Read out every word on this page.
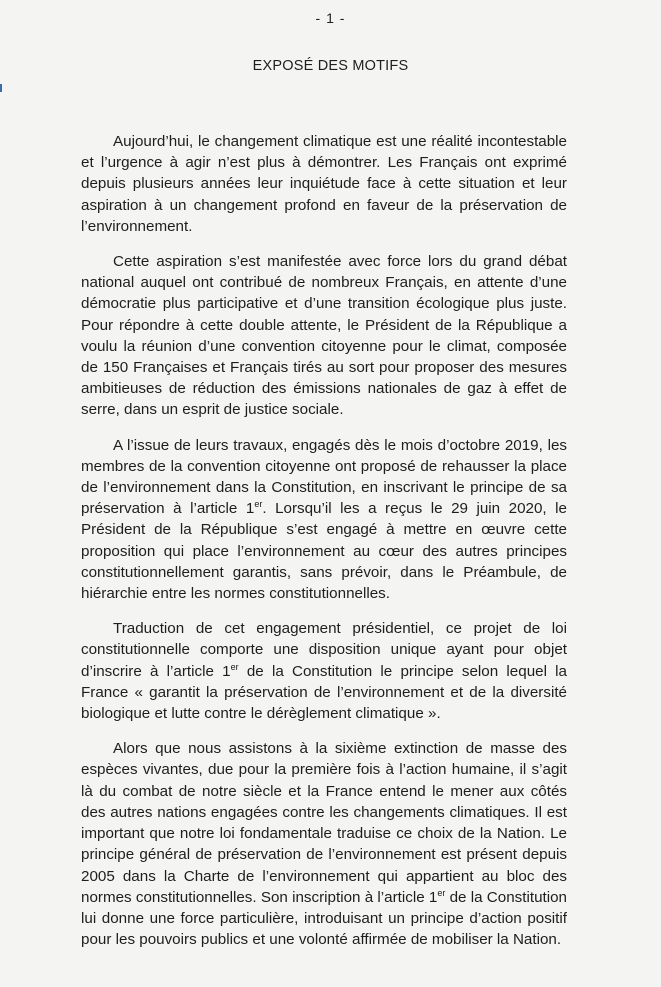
- 1 -
EXPOSÉ DES MOTIFS

Aujourd’hui, le changement climatique est une réalité incontestable et l’urgence à agir n’est plus à démontrer. Les Français ont exprimé depuis plusieurs années leur inquiétude face à cette situation et leur aspiration à un changement profond en faveur de la préservation de l’environnement.

Cette aspiration s’est manifestée avec force lors du grand débat national auquel ont contribué de nombreux Français, en attente d’une démocratie plus participative et d’une transition écologique plus juste. Pour répondre à cette double attente, le Président de la République a voulu la réunion d’une convention citoyenne pour le climat, composée de 150 Françaises et Français tirés au sort pour proposer des mesures ambitieuses de réduction des émissions nationales de gaz à effet de serre, dans un esprit de justice sociale.

A l’issue de leurs travaux, engagés dès le mois d’octobre 2019, les membres de la convention citoyenne ont proposé de rehausser la place de l’environnement dans la Constitution, en inscrivant le principe de sa préservation à l’article 1er. Lorsqu’il les a reçus le 29 juin 2020, le Président de la République s’est engagé à mettre en œuvre cette proposition qui place l’environnement au cœur des autres principes constitutionnellement garantis, sans prévoir, dans le Préambule, de hiérarchie entre les normes constitutionnelles.

Traduction de cet engagement présidentiel, ce projet de loi constitutionnelle comporte une disposition unique ayant pour objet d’inscrire à l’article 1er de la Constitution le principe selon lequel la France « garantit la préservation de l’environnement et de la diversité biologique et lutte contre le dérèglement climatique ».

Alors que nous assistons à la sixième extinction de masse des espèces vivantes, due pour la première fois à l’action humaine, il s’agit là du combat de notre siècle et la France entend le mener aux côtés des autres nations engagées contre les changements climatiques. Il est important que notre loi fondamentale traduise ce choix de la Nation. Le principe général de préservation de l’environnement est présent depuis 2005 dans la Charte de l’environnement qui appartient au bloc des normes constitutionnelles. Son inscription à l’article 1er de la Constitution lui donne une force particulière, introduisant un principe d’action positif pour les pouvoirs publics et une volonté affirmée de mobiliser la Nation.
